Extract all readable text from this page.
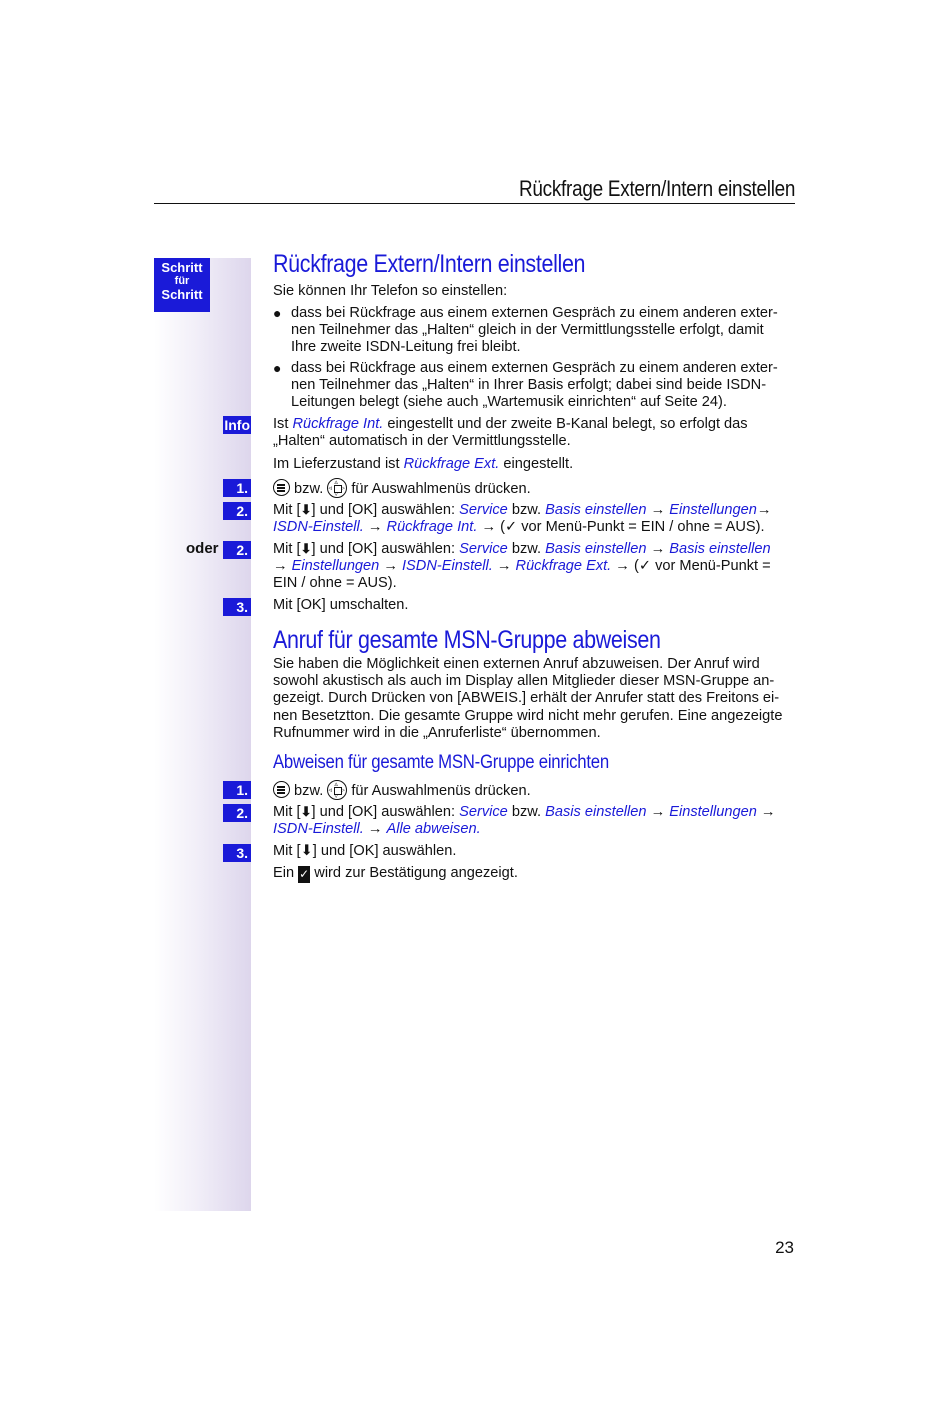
Rückfrage Extern/Intern einstellen
Schritt
für
Schritt
Rückfrage Extern/Intern einstellen
Sie können Ihr Telefon so einstellen:
● dass bei Rückfrage aus einem externen Gespräch zu einem anderen exter-
nen Teilnehmer das „Halten“ gleich in der Vermittlungsstelle erfolgt, damit
Ihre zweite ISDN-Leitung frei bleibt.
● dass bei Rückfrage aus einem externen Gespräch zu einem anderen exter-
nen Teilnehmer das „Halten“ in Ihrer Basis erfolgt; dabei sind beide ISDN-
Leitungen belegt (siehe auch „Wartemusik einrichten“ auf Seite 24).
Info Ist Rückfrage Int. eingestellt und der zweite B-Kanal belegt, so erfolgt das
„Halten“ automatisch in der Vermittlungsstelle.
Im Lieferzustand ist Rückfrage Ext. eingestellt.
1.	bzw. ▵
▿
◃ ▹ für Auswahlmenüs drücken.
2. Mit [⬇] und [OK] auswählen: Service bzw. Basis einstellen → Einstellungen→
ISDN-Einstell. → Rückfrage Int. → (✓ vor Menü-Punkt = EIN / ohne = AUS).
oder	2. Mit [⬇] und [OK] auswählen: Service bzw. Basis einstellen → Basis einstellen
→ Einstellungen → ISDN-Einstell. → Rückfrage Ext. → (✓ vor Menü-Punkt =
EIN / ohne = AUS).
3. Mit [OK] umschalten.
Anruf für gesamte MSN-Gruppe abweisen
Sie haben die Möglichkeit einen externen Anruf abzuweisen. Der Anruf wird
sowohl akustisch als auch im Display allen Mitglieder dieser MSN-Gruppe an-
gezeigt. Durch Drücken von [ABWEIS.] erhält der Anrufer statt des Freitons ei-
nen Besetztton. Die gesamte Gruppe wird nicht mehr gerufen. Eine angezeigte
Rufnummer wird in die „Anruferliste“ übernommen.
Abweisen für gesamte MSN-Gruppe einrichten
1.	bzw. ▵
▿
◃ ▹ für Auswahlmenüs drücken.
2. Mit [⬇] und [OK] auswählen: Service bzw. Basis einstellen → Einstellungen →
ISDN-Einstell. → Alle abweisen.
3. Mit [⬇] und [OK] auswählen.
Ein ✓ wird zur Bestätigung angezeigt.
23
